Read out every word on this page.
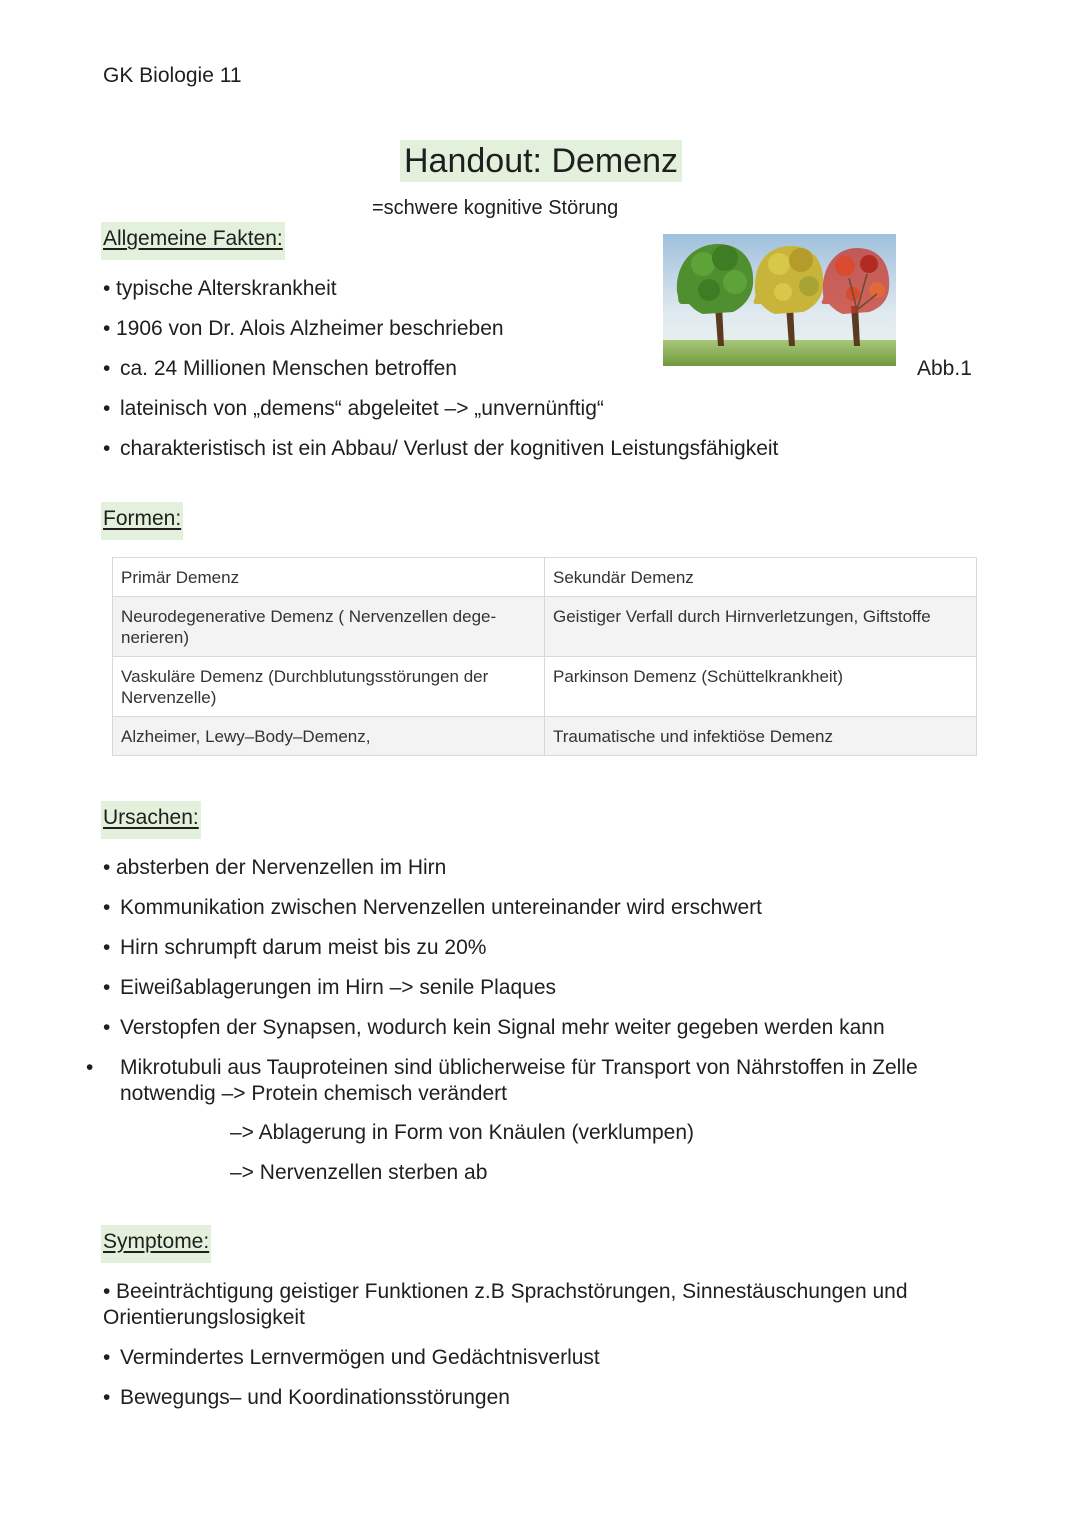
GK Biologie 11
Handout: Demenz
=schwere kognitive Störung
Allgemeine Fakten:
• typische Alterskrankheit
• 1906 von Dr. Alois Alzheimer beschrieben
• ca. 24 Millionen Menschen betroffen
• lateinisch von „demens“ abgeleitet –> „unvernünftig“
• charakteristisch ist ein Abbau/ Verlust der kognitiven Leistungsfähigkeit
Abb.1
Formen:
Primär Demenz	Sekundär Demenz
Neurodegenerative Demenz ( Nervenzellen dege-nerieren)	Geistiger Verfall durch Hirnverletzungen, Giftstoffe
Vaskuläre Demenz (Durchblutungsstörungen der Nervenzelle)	Parkinson Demenz (Schüttelkrankheit)
Alzheimer, Lewy–Body–Demenz,	Traumatische und infektiöse Demenz
Ursachen:
• absterben der Nervenzellen im Hirn
• Kommunikation zwischen Nervenzellen untereinander wird erschwert
• Hirn schrumpft darum meist bis zu 20%
• Eiweißablagerungen im Hirn –> senile Plaques
• Verstopfen der Synapsen, wodurch kein Signal mehr weiter gegeben werden kann
• Mikrotubuli aus Tauproteinen sind üblicherweise für Transport von Nährstoffen in Zelle notwendig –> Protein chemisch verändert
–> Ablagerung in Form von Knäulen (verklumpen)
–> Nervenzellen sterben ab
Symptome:
• Beeinträchtigung geistiger Funktionen z.B Sprachstörungen, Sinnestäuschungen und Orientierungslosigkeit
• Vermindertes Lernvermögen und Gedächtnisverlust
• Bewegungs– und Koordinationsstörungen
